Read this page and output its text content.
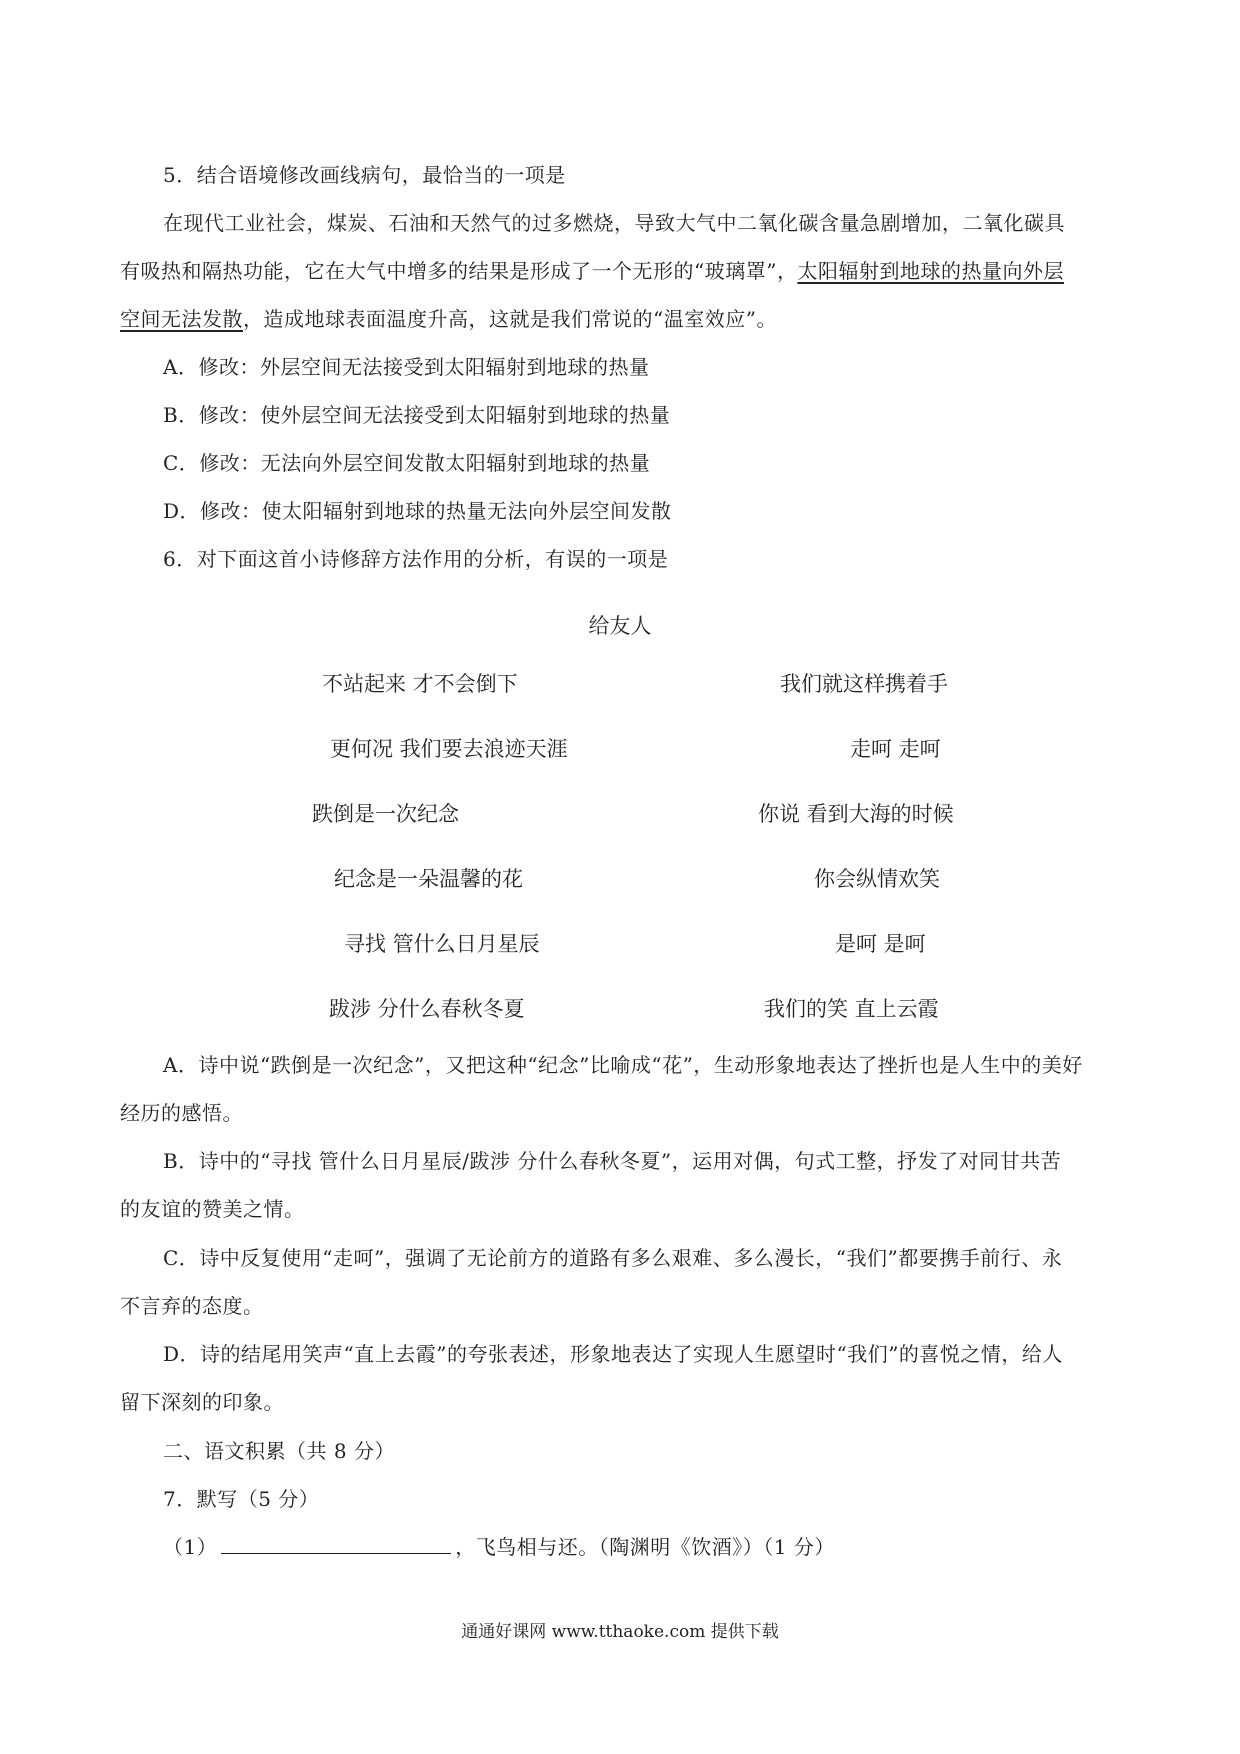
5．结合语境修改画线病句，最恰当的一项是
在现代工业社会，煤炭、石油和天然气的过多燃烧，导致大气中二氧化碳含量急剧增加，二氧化碳具
有吸热和隔热功能，它在大气中增多的结果是形成了一个无形的“玻璃罩”，太阳辐射到地球的热量向外层
空间无法发散，造成地球表面温度升高，这就是我们常说的“温室效应”。
A．修改：外层空间无法接受到太阳辐射到地球的热量
B．修改：使外层空间无法接受到太阳辐射到地球的热量
C．修改：无法向外层空间发散太阳辐射到地球的热量
D．修改：使太阳辐射到地球的热量无法向外层空间发散
6．对下面这首小诗修辞方法作用的分析，有误的一项是
给友人
不站起来 才不会倒下
更何况 我们要去浪迹天涯
跌倒是一次纪念
纪念是一朵温馨的花
寻找 管什么日月星辰
跋涉 分什么春秋冬夏
我们就这样携着手
走呵 走呵
你说 看到大海的时候
你会纵情欢笑
是呵 是呵
我们的笑 直上云霞
A．诗中说“跌倒是一次纪念”，又把这种“纪念”比喻成“花”，生动形象地表达了挫折也是人生中的美好
经历的感悟。
B．诗中的“寻找 管什么日月星辰/跋涉 分什么春秋冬夏”，运用对偶，句式工整，抒发了对同甘共苦
的友谊的赞美之情。
C．诗中反复使用“走呵”，强调了无论前方的道路有多么艰难、多么漫长，“我们”都要携手前行、永
不言弃的态度。
D．诗的结尾用笑声“直上去霞”的夸张表述，形象地表达了实现人生愿望时“我们”的喜悦之情，给人
留下深刻的印象。
二、语文积累（共 8 分）
7．默写（5 分）
（1）	，飞鸟相与还。（陶渊明《饮酒》）（1 分）
通通好课网 www.tthaoke.com 提供下载
